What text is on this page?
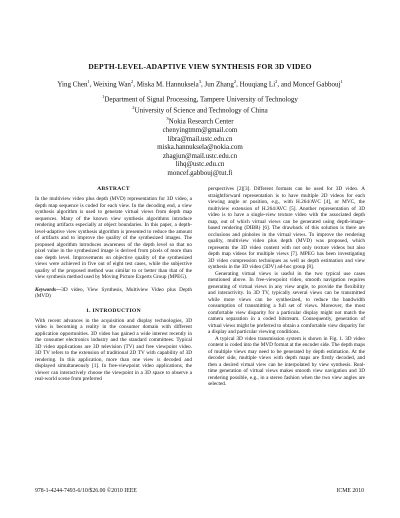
DEPTH-LEVEL-ADAPTIVE VIEW SYNTHESIS FOR 3D VIDEO
Ying Chen$^1$, Weixing Wan$^2$, Miska M. Hannuksela$^3$, Jun Zhang$^2$, Houqiang Li$^2$, and Moncef Gabbouj$^1$
$^1$Department of Signal Processing, Tampere University of Technology
$^2$University of Science and Technology of China
$^3$Nokia Research Center
chenyingtmm@gmail.com
libra@mail.ustc.edu.cn
miska.hannuksela@nokia.com
zhagjun@mail.ustc.edu.cn
lihq@ustc.edu.cn
moncef.gabbouj@tut.fi
ABSTRACT

In the multiview video plus depth (MVD) representation for 3D video, a depth map sequence is coded for each view. In the decoding end, a view synthesis algorithm is used to generate virtual views from depth map sequences. Many of the known view synthesis algorithms introduce rendering artifacts especially at object boundaries. In this paper, a depth-level-adaptive view synthesis algorithm is presented to reduce the amount of artifacts and to improve the quality of the synthesized images. The proposed algorithm introduces awareness of the depth level so that no pixel value in the synthesized image is derived from pixels of more than one depth level. Improvements on objective quality of the synthesized views were achieved in five out of eight test cases, while the subjective quality of the proposed method was similar to or better than that of the view synthesis method used by Moving Picture Experts Group (MPEG).

Keywords—3D video, View Synthesis, Multiview Video plus Depth (MVD)

1. INTRODUCTION

With recent advances in the acquisition and display technologies, 3D video is becoming a reality in the consumer domain with different application opportunities. 3D video has gained a wide interest recently in the consumer electronics industry and the standard committees. Typical 3D video applications are 3D television (TV) and free viewpoint video. 3D TV refers to the extension of traditional 2D TV with capability of 3D rendering. In this application, more than one view is decoded and displayed simultaneously [1]. In free-viewpoint video applications, the viewer can interactively choose the viewpoint in a 3D space to observe a real-world scene from preferred

perspectives [2][3]. Different formats can be used for 3D video. A straightforward representation is to have multiple 2D videos for each viewing angle or position, e.g., with H.264/AVC [4], or MVC, the multiview extension of H.264/AVC [5]. Another representation of 3D video is to have a single-view texture video with the associated depth map, out of which virtual views can be generated using depth-image-based rendering (DIBR) [6]. The drawback of this solution is there are occlusions and pinholes in the virtual views. To improve the rendering quality, multiview video plus depth (MVD) was proposed, which represents the 3D video content with not only texture videos but also depth map videos for multiple views [7]. MPEG has been investigating 3D video compression techniques as well as depth estimation and view synthesis in the 3D video (3DV) ad-hoc group [8].

Generating virtual views is useful in the two typical use cases mentioned above. In free-viewpoint video, smooth navigation requires generating of virtual views in any view angle, to provide the flexibility and interactivity. In 3D TV, typically several views can be transmitted while more views can be synthesized, to reduce the bandwidth consumption of transmitting a full set of views. Moreover, the most comfortable view disparity for a particular display might not match the camera separation in a coded bitstream. Consequently, generation of virtual views might be preferred to obtain a comfortable view disparity for a display and particular viewing conditions.

A typical 3D video transmission system is shown in Fig. 1. 3D video content is coded into the MVD format at the encoder side. The depth maps of multiple views may need to be generated by depth estimation. At the decoder side, multiple views with depth maps are firstly decoded, and then a desired virtual view can be interpolated by view synthesis. Real-time generation of virtual views makes smooth view navigation and 3D rendering possible, e.g., in a stereo fashion when the two view angles are selected.

978-1-4244-7493-6/10/$26.00 ©2010 IEEE	ICME 2010
